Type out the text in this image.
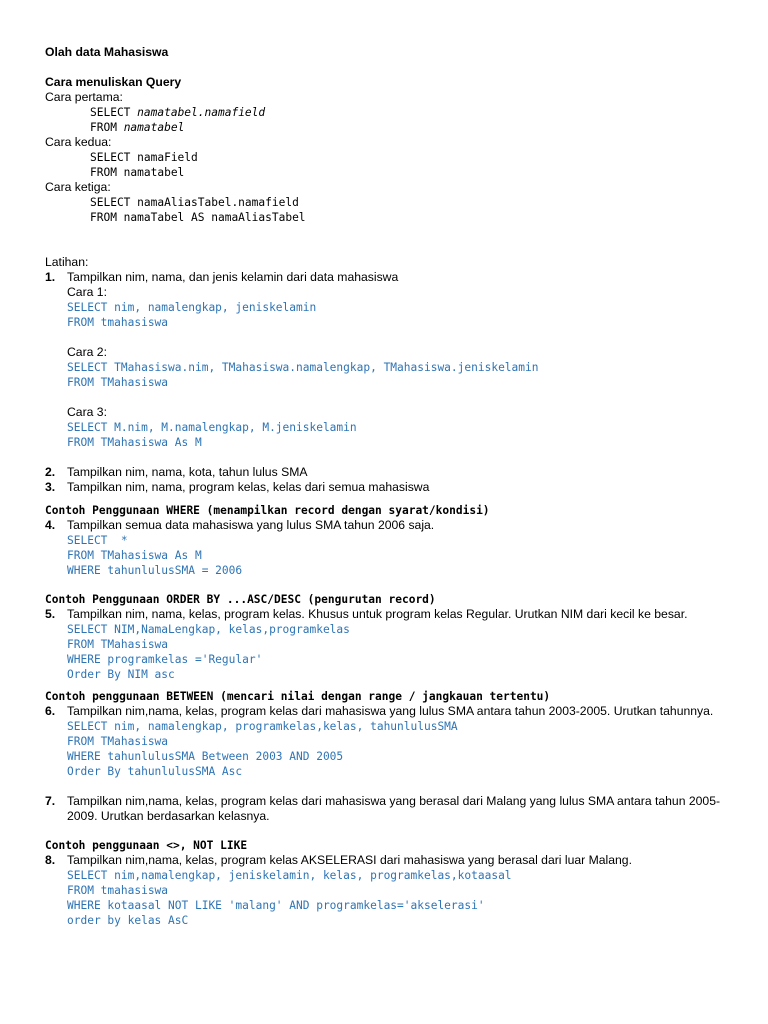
Olah data Mahasiswa
Cara menuliskan Query
Cara pertama:
SELECT namatabel.namafield
FROM namatabel
Cara kedua:
SELECT namaField
FROM namatabel
Cara ketiga:
SELECT namaAliasTabel.namafield
FROM namaTabel AS namaAliasTabel
Latihan:
1. Tampilkan nim, nama, dan jenis kelamin dari data mahasiswa
Cara 1:
SELECT nim, namalengkap, jeniskelamin
FROM tmahasiswa
Cara 2:
SELECT TMahasiswa.nim, TMahasiswa.namalengkap, TMahasiswa.jeniskelamin
FROM TMahasiswa
Cara 3:
SELECT M.nim, M.namalengkap, M.jeniskelamin
FROM TMahasiswa As M
2. Tampilkan nim, nama, kota, tahun lulus SMA
3. Tampilkan nim, nama, program kelas, kelas dari semua mahasiswa
Contoh Penggunaan WHERE (menampilkan record dengan syarat/kondisi)
4. Tampilkan semua data mahasiswa yang lulus SMA tahun 2006 saja.
SELECT  *
FROM TMahasiswa As M
WHERE tahunlulusSMA = 2006
Contoh Penggunaan ORDER BY ...ASC/DESC (pengurutan record)
5. Tampilkan nim, nama, kelas, program kelas. Khusus untuk program kelas Regular. Urutkan NIM dari kecil ke besar.
SELECT NIM,NamaLengkap, kelas,programkelas
FROM TMahasiswa
WHERE programkelas ='Regular'
Order By NIM asc
Contoh penggunaan BETWEEN (mencari nilai dengan range / jangkauan tertentu)
6. Tampilkan nim,nama, kelas, program kelas dari mahasiswa yang lulus SMA antara tahun 2003-2005. Urutkan tahunnya.
SELECT nim, namalengkap, programkelas,kelas, tahunlulusSMA
FROM TMahasiswa
WHERE tahunlulusSMA Between 2003 AND 2005
Order By tahunlulusSMA Asc
7. Tampilkan nim,nama, kelas, program kelas dari mahasiswa yang berasal dari Malang yang lulus SMA antara tahun 2005-2009. Urutkan berdasarkan kelasnya.
Contoh penggunaan <>, NOT LIKE
8. Tampilkan nim,nama, kelas, program kelas AKSELERASI dari mahasiswa yang berasal dari luar Malang.
SELECT nim,namalengkap, jeniskelamin, kelas, programkelas,kotaasal
FROM tmahasiswa
WHERE kotaasal NOT LIKE 'malang' AND programkelas='akselerasi'
order by kelas AsC
